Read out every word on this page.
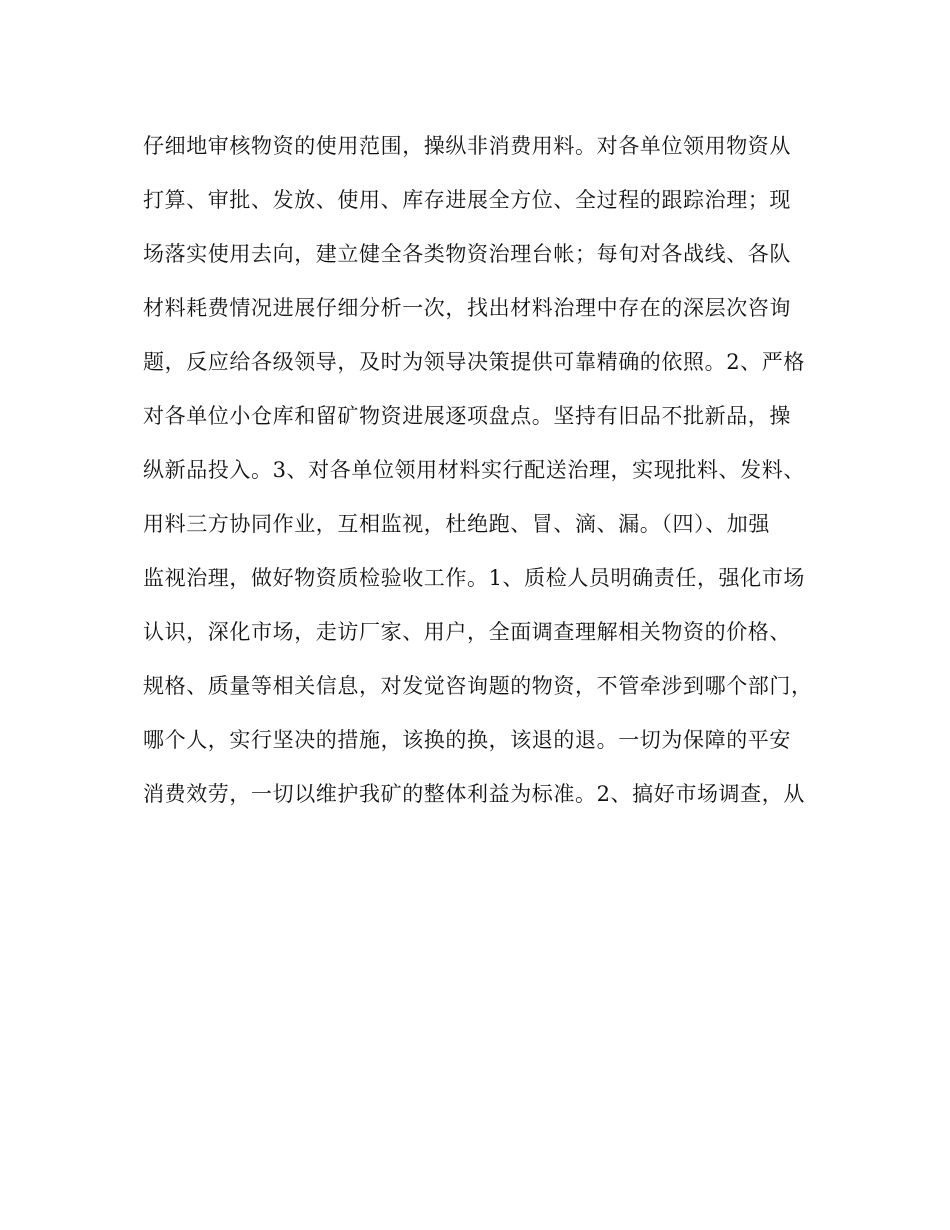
仔细地审核物资的使用范围，操纵非消费用料。对各单位领用物资从
打算、审批、发放、使用、库存进展全方位、全过程的跟踪治理；现
场落实使用去向，建立健全各类物资治理台帐；每旬对各战线、各队
材料耗费情况进展仔细分析一次，找出材料治理中存在的深层次咨询
题，反应给各级领导，及时为领导决策提供可靠精确的依照。2、严格
对各单位小仓库和留矿物资进展逐项盘点。坚持有旧品不批新品，操
纵新品投入。3、对各单位领用材料实行配送治理，实现批料、发料、
用料三方协同作业，互相监视，杜绝跑、冒、滴、漏。（四）、加强
监视治理，做好物资质检验收工作。1、质检人员明确责任，强化市场
认识，深化市场，走访厂家、用户，全面调查理解相关物资的价格、
规格、质量等相关信息，对发觉咨询题的物资，不管牵涉到哪个部门，
哪个人，实行坚决的措施，该换的换，该退的退。一切为保障的平安
消费效劳，一切以维护我矿的整体利益为标准。2、搞好市场调查，从
